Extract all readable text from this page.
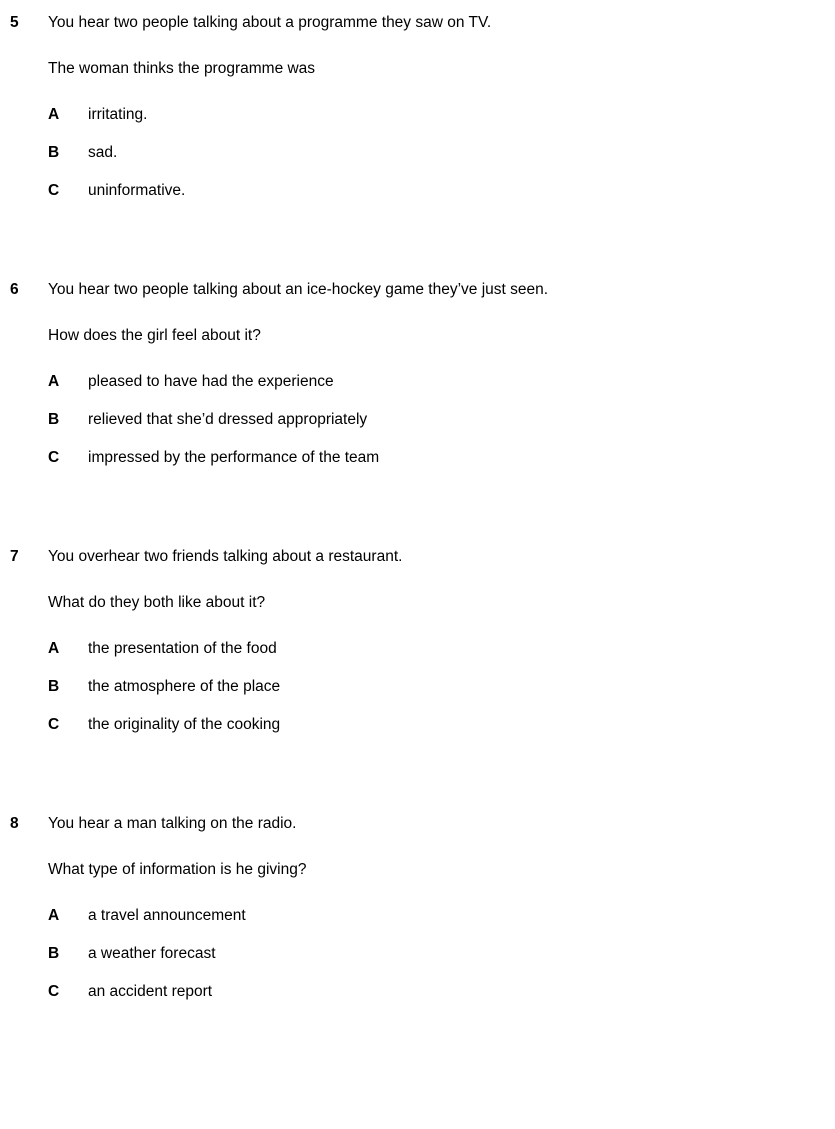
5 You hear two people talking about a programme they saw on TV.
The woman thinks the programme was
A irritating.
B sad.
C uninformative.
6 You hear two people talking about an ice-hockey game they’ve just seen.
How does the girl feel about it?
A pleased to have had the experience
B relieved that she’d dressed appropriately
C impressed by the performance of the team
7 You overhear two friends talking about a restaurant.
What do they both like about it?
A the presentation of the food
B the atmosphere of the place
C the originality of the cooking
8 You hear a man talking on the radio.
What type of information is he giving?
A a travel announcement
B a weather forecast
C an accident report
